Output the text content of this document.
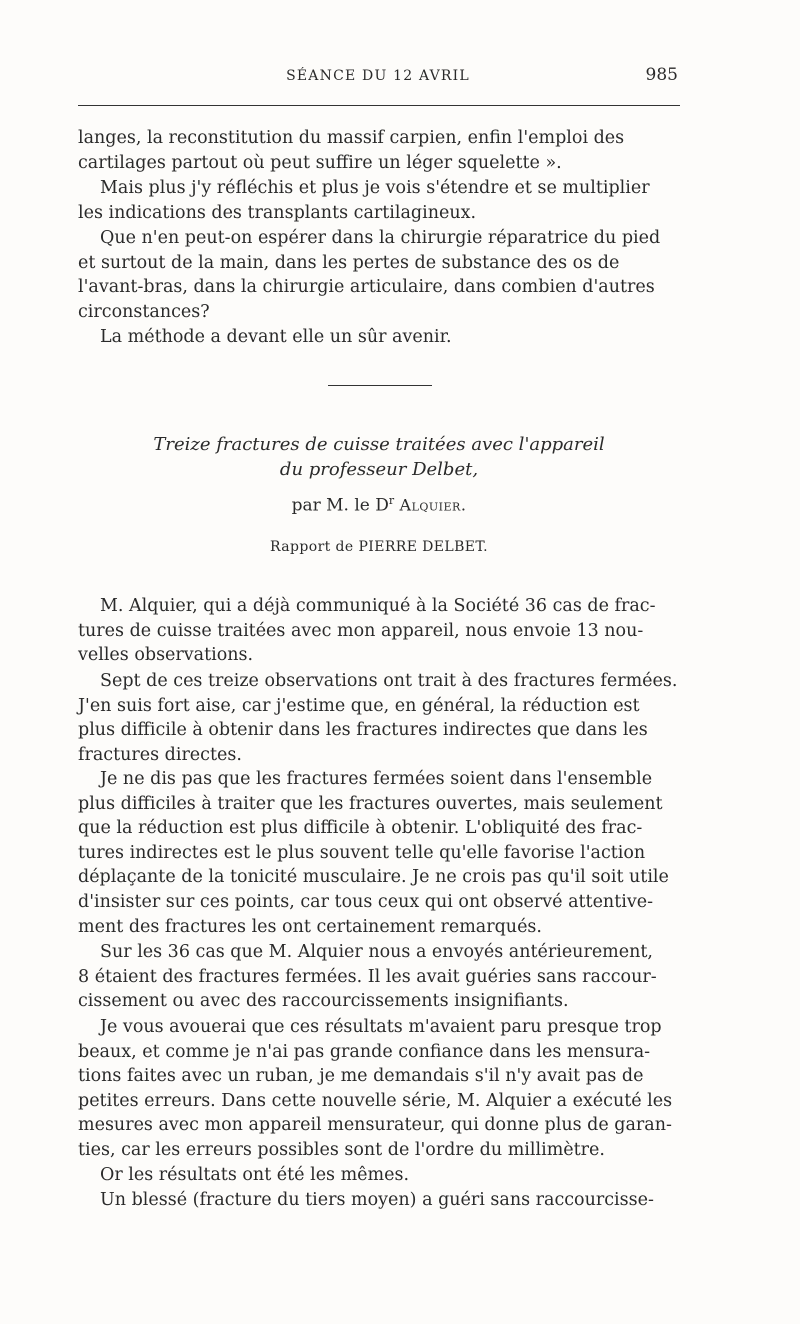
SÉANCE DU 12 AVRIL	985

langes, la reconstitution du massif carpien, enfin l'emploi des
cartilages partout où peut suffire un léger squelette ».

Mais plus j'y réfléchis et plus je vois s'étendre et se multiplier
les indications des transplants cartilagineux.

Que n'en peut-on espérer dans la chirurgie réparatrice du pied
et surtout de la main, dans les pertes de substance des os de
l'avant-bras, dans la chirurgie articulaire, dans combien d'autres
circonstances?

La méthode a devant elle un sûr avenir.

Treize fractures de cuisse traitées avec l'appareil
du professeur Delbet,
par M. le $D^r$ Alquier.
Rapport de PIERRE DELBET.

M. Alquier, qui a déjà communiqué à la Société 36 cas de frac-
tures de cuisse traitées avec mon appareil, nous envoie 13 nou-
velles observations.

Sept de ces treize observations ont trait à des fractures fermées.
J'en suis fort aise, car j'estime que, en général, la réduction est
plus difficile à obtenir dans les fractures indirectes que dans les
fractures directes.

Je ne dis pas que les fractures fermées soient dans l'ensemble
plus difficiles à traiter que les fractures ouvertes, mais seulement
que la réduction est plus difficile à obtenir. L'obliquité des frac-
tures indirectes est le plus souvent telle qu'elle favorise l'action
déplaçante de la tonicité musculaire. Je ne crois pas qu'il soit utile
d'insister sur ces points, car tous ceux qui ont observé attentive-
ment des fractures les ont certainement remarqués.

Sur les 36 cas que M. Alquier nous a envoyés antérieurement,
8 étaient des fractures fermées. Il les avait guéries sans raccour-
cissement ou avec des raccourcissements insignifiants.

Je vous avouerai que ces résultats m'avaient paru presque trop
beaux, et comme je n'ai pas grande confiance dans les mensura-
tions faites avec un ruban, je me demandais s'il n'y avait pas de
petites erreurs. Dans cette nouvelle série, M. Alquier a exécuté les
mesures avec mon appareil mensurateur, qui donne plus de garan-
ties, car les erreurs possibles sont de l'ordre du millimètre.

Or les résultats ont été les mêmes.

Un blessé (fracture du tiers moyen) a guéri sans raccourcisse-
